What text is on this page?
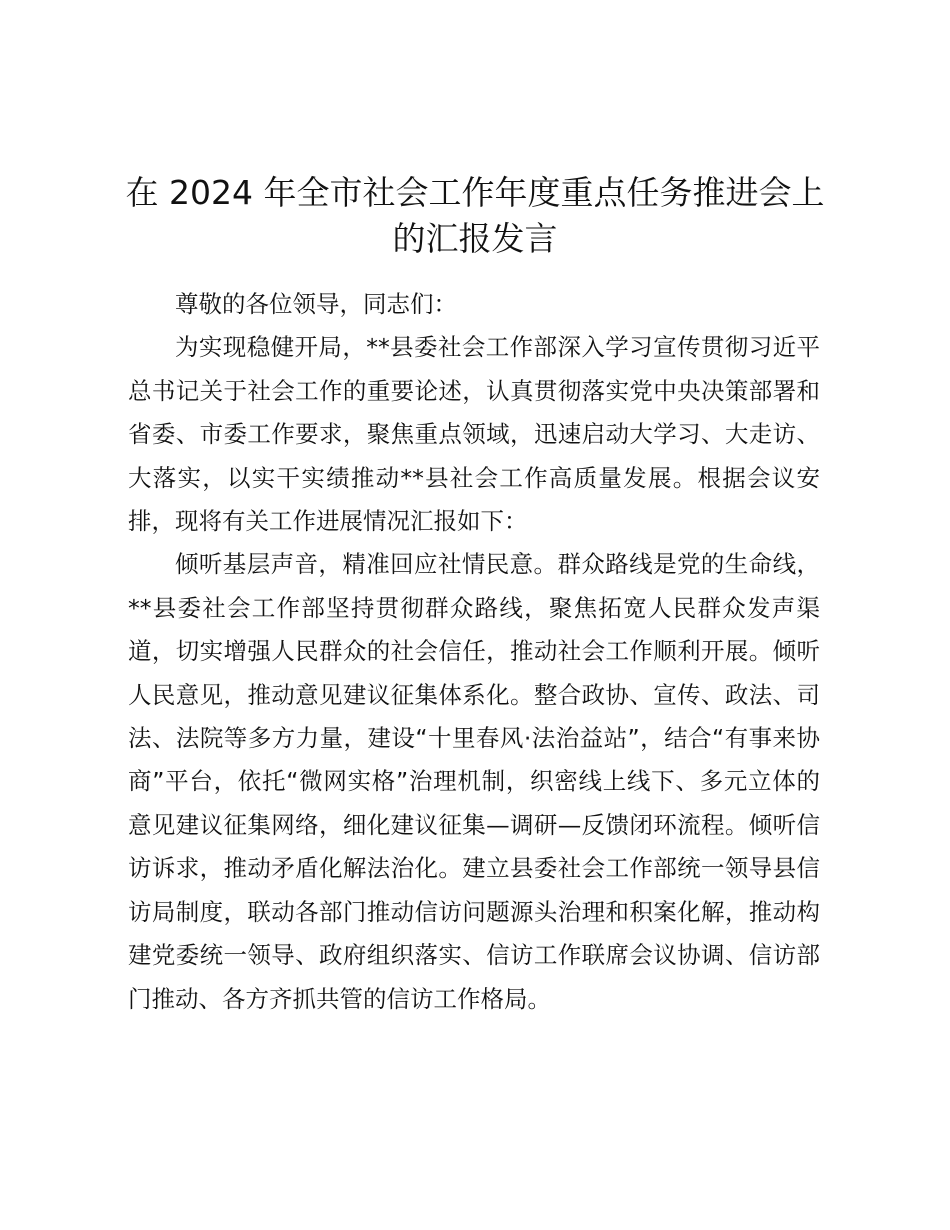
在 2024 年全市社会工作年度重点任务推进会上的汇报发言

尊敬的各位领导，同志们：

为实现稳健开局，**县委社会工作部深入学习宣传贯彻习近平总书记关于社会工作的重要论述，认真贯彻落实党中央决策部署和省委、市委工作要求，聚焦重点领域，迅速启动大学习、大走访、大落实，以实干实绩推动**县社会工作高质量发展。根据会议安排，现将有关工作进展情况汇报如下：

倾听基层声音，精准回应社情民意。群众路线是党的生命线，**县委社会工作部坚持贯彻群众路线，聚焦拓宽人民群众发声渠道，切实增强人民群众的社会信任，推动社会工作顺利开展。倾听人民意见，推动意见建议征集体系化。整合政协、宣传、政法、司法、法院等多方力量，建设“十里春风·法治益站”，结合“有事来协商”平台，依托“微网实格”治理机制，织密线上线下、多元立体的意见建议征集网络，细化建议征集—调研—反馈闭环流程。倾听信访诉求，推动矛盾化解法治化。建立县委社会工作部统一领导县信访局制度，联动各部门推动信访问题源头治理和积案化解，推动构建党委统一领导、政府组织落实、信访工作联席会议协调、信访部门推动、各方齐抓共管的信访工作格局。
